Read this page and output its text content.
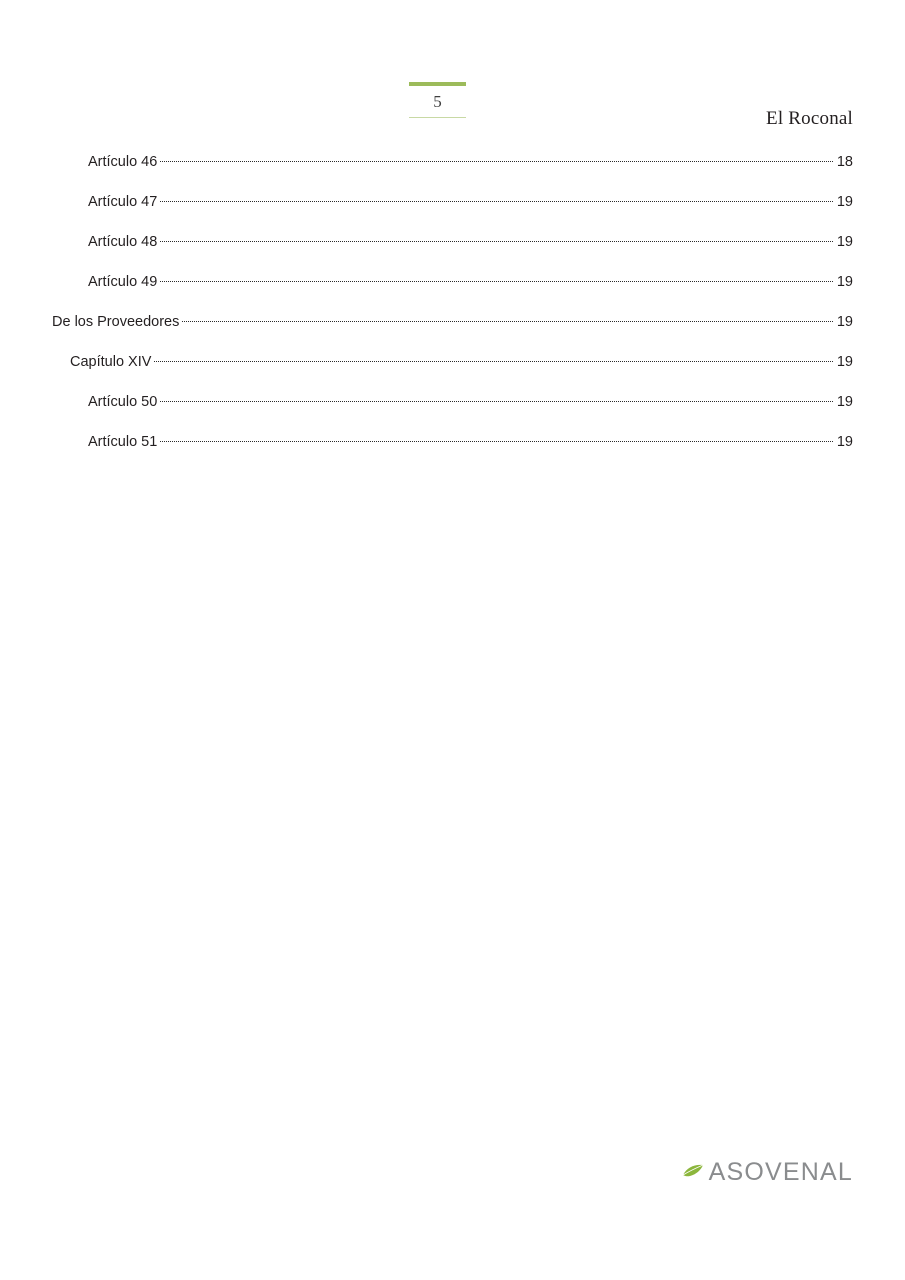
5
El Roconal
Artículo 46	18
Artículo 47	19
Artículo 48	19
Artículo 49	19
De los Proveedores	19
Capítulo XIV	19
Artículo 50	19
Artículo 51	19
ASOVENAL
